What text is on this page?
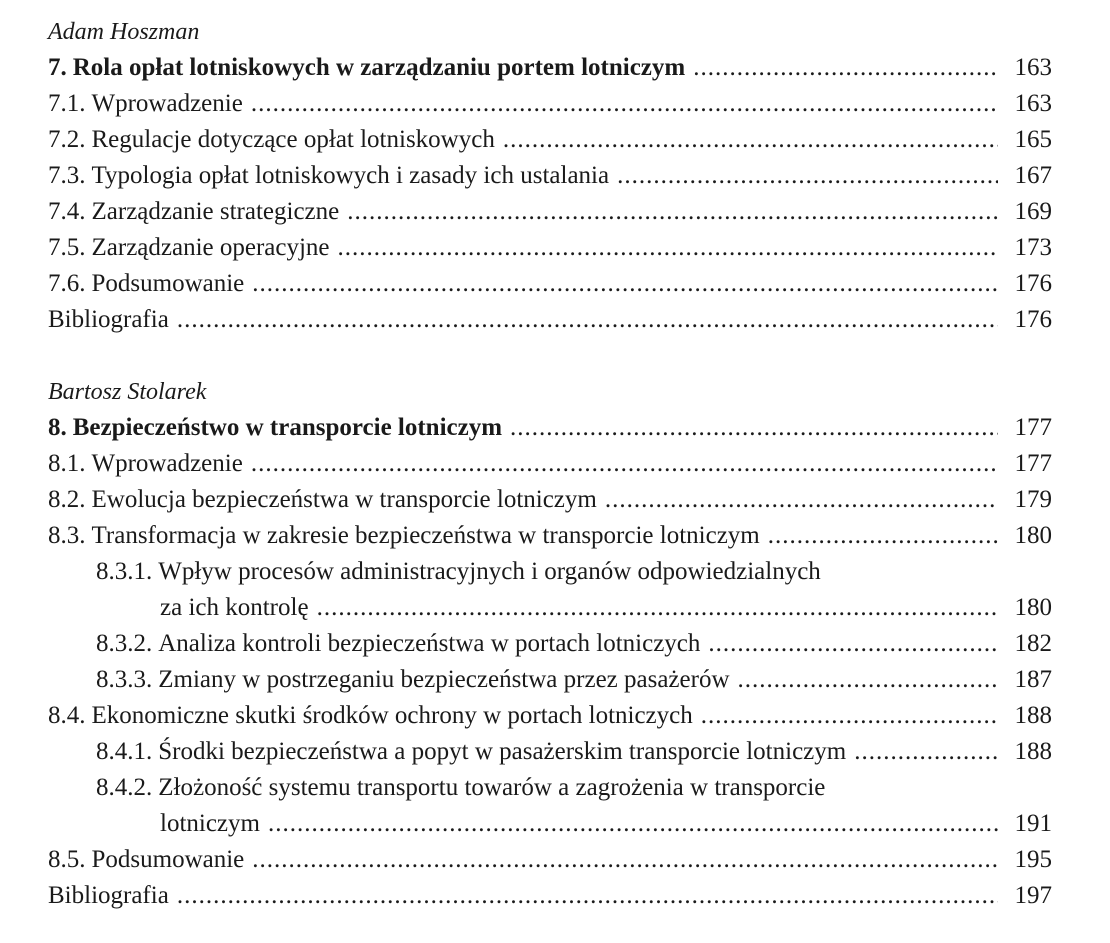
Adam Hoszman
7. Rola opłat lotniskowych w zarządzaniu portem lotniczym .....	163
7.1. Wprowadzenie .....	163
7.2. Regulacje dotyczące opłat lotniskowych .....	165
7.3. Typologia opłat lotniskowych i zasady ich ustalania .....	167
7.4. Zarządzanie strategiczne .....	169
7.5. Zarządzanie operacyjne .....	173
7.6. Podsumowanie .....	176
Bibliografia .....	176
Bartosz Stolarek
8. Bezpieczeństwo w transporcie lotniczym .....	177
8.1. Wprowadzenie .....	177
8.2. Ewolucja bezpieczeństwa w transporcie lotniczym .....	179
8.3. Transformacja w zakresie bezpieczeństwa w transporcie lotniczym .....	180
8.3.1. Wpływ procesów administracyjnych i organów odpowiedzialnych
za ich kontrolę .....	180
8.3.2. Analiza kontroli bezpieczeństwa w portach lotniczych .....	182
8.3.3. Zmiany w postrzeganiu bezpieczeństwa przez pasażerów .....	187
8.4. Ekonomiczne skutki środków ochrony w portach lotniczych .....	188
8.4.1. Środki bezpieczeństwa a popyt w pasażerskim transporcie lotniczym .....	188
8.4.2. Złożoność systemu transportu towarów a zagrożenia w transporcie
lotniczym .....	191
8.5. Podsumowanie .....	195
Bibliografia .....	197
